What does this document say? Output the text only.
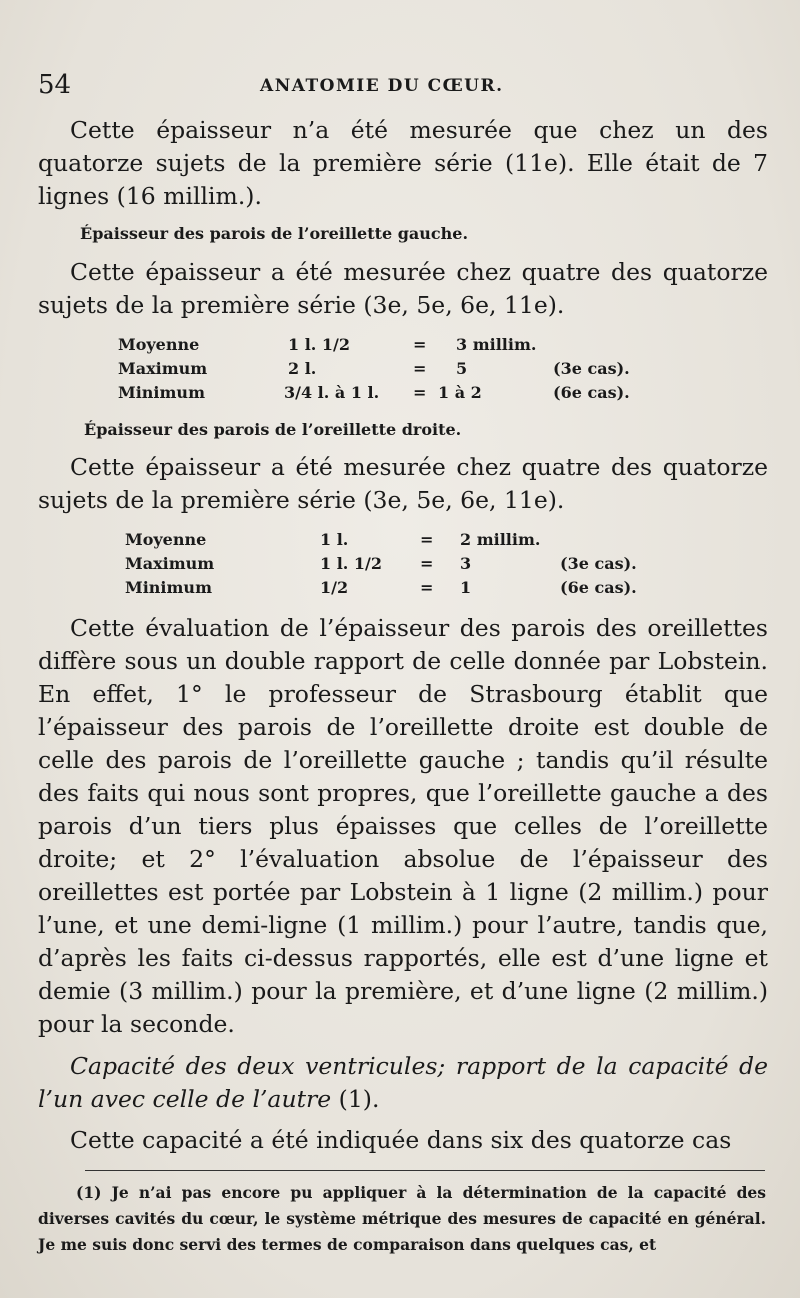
54	ANATOMIE DU CŒUR.
Cette épaisseur n’a été mesurée que chez un des quatorze sujets de la première série (11e). Elle était de 7 lignes (16 millim.).
Épaisseur des parois de l’oreillette gauche.
Cette épaisseur a été mesurée chez quatre des quatorze sujets de la première série (3e, 5e, 6e, 11e).
Moyenne	1 l. 1/2	= 3 millim.
Maximum	2 l.	= 5	(3e cas).
Minimum	3/4 l. à 1 l. = 1 à 2	(6e cas).
Épaisseur des parois de l’oreillette droite.
Cette épaisseur a été mesurée chez quatre des quatorze sujets de la première série (3e, 5e, 6e, 11e).
Moyenne	1 l.	= 2 millim.
Maximum	1 l. 1/2 = 3	(3e cas).
Minimum	1/2	= 1	(6e cas).
Cette évaluation de l’épaisseur des parois des oreillettes diffère sous un double rapport de celle donnée par Lobstein. En effet, 1° le professeur de Strasbourg établit que l’épaisseur des parois de l’oreillette droite est double de celle des parois de l’oreillette gauche ; tandis qu’il résulte des faits qui nous sont propres, que l’oreillette gauche a des parois d’un tiers plus épaisses que celles de l’oreillette droite; et 2° l’évaluation absolue de l’épaisseur des oreillettes est portée par Lobstein à 1 ligne (2 millim.) pour l’une, et une demi-ligne (1 millim.) pour l’autre, tandis que, d’après les faits ci-dessus rapportés, elle est d’une ligne et demie (3 millim.) pour la première, et d’une ligne (2 millim.) pour la seconde.
Capacité des deux ventricules; rapport de la capacité de l’un avec celle de l’autre (1).
Cette capacité a été indiquée dans six des quatorze cas
(1) Je n’ai pas encore pu appliquer à la détermination de la capacité des diverses cavités du cœur, le système métrique des mesures de capacité en général. Je me suis donc servi des termes de comparaison dans quelques cas, et
